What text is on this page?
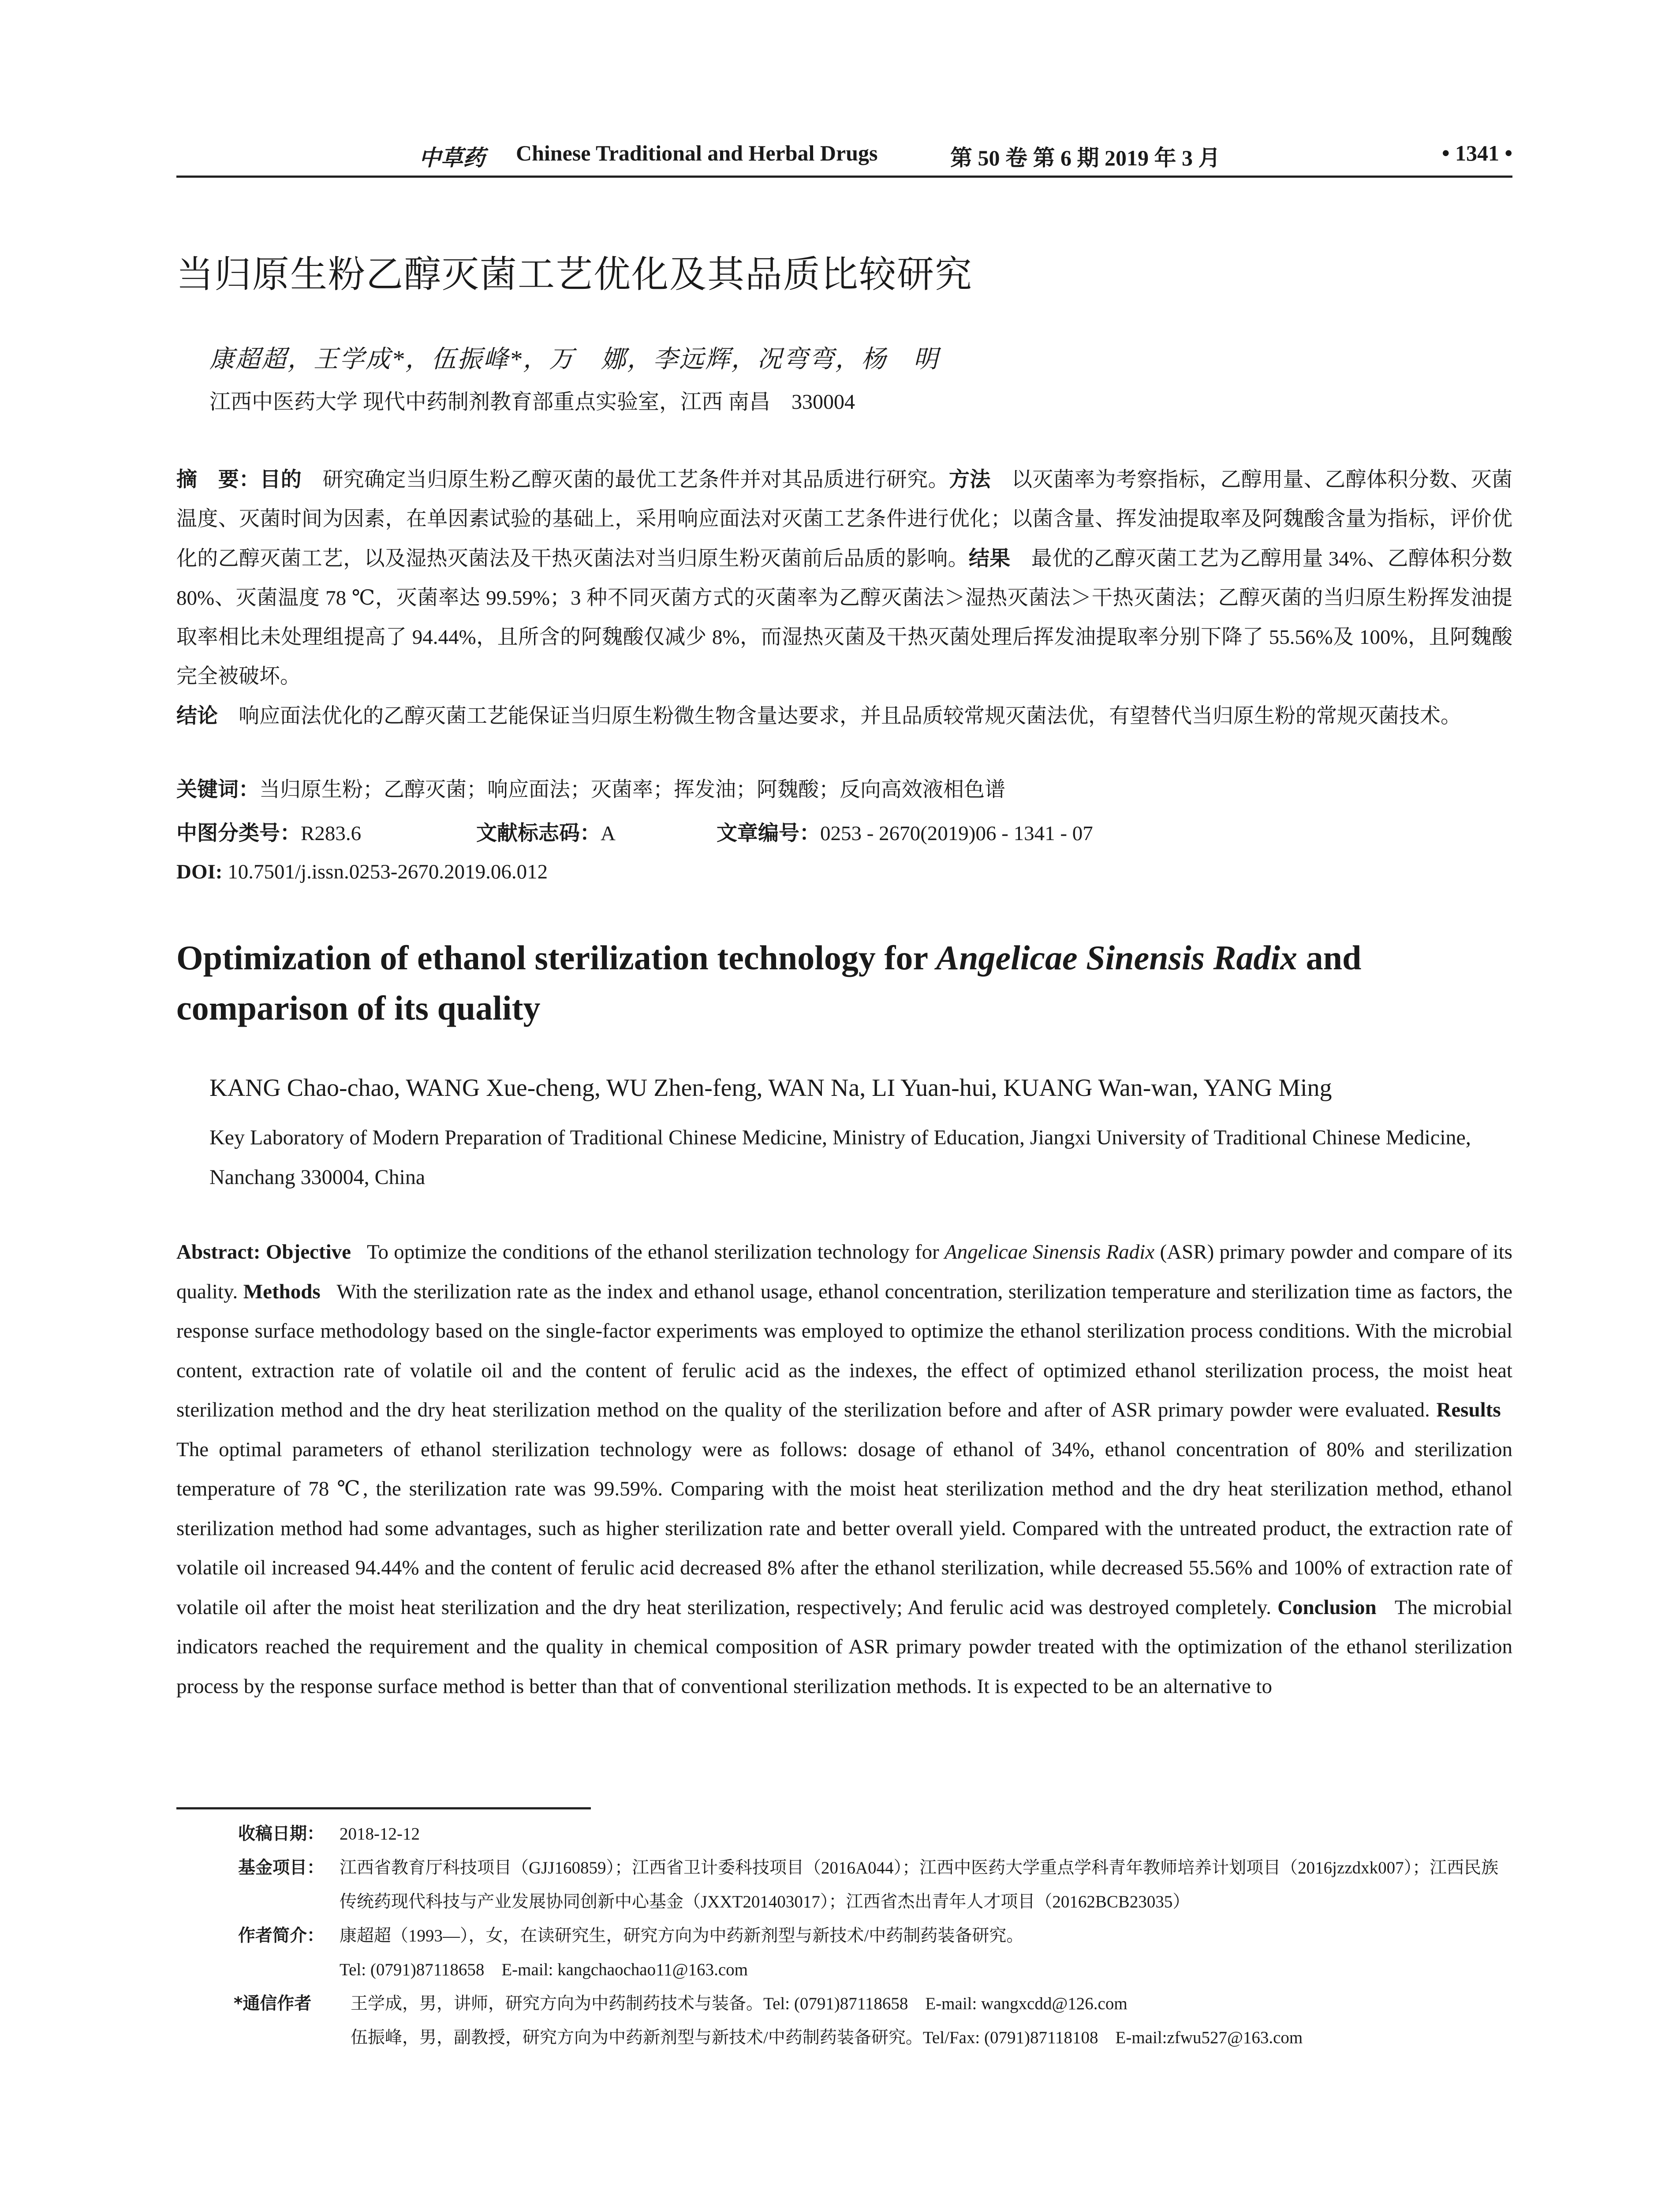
中草药 Chinese Traditional and Herbal Drugs	第 50 卷 第 6 期 2019 年 3 月	• 1341 •
当归原生粉乙醇灭菌工艺优化及其品质比较研究
康超超，王学成*，伍振峰*，万　娜，李远辉，况弯弯，杨　明
江西中医药大学 现代中药制剂教育部重点实验室，江西 南昌　330004
摘　要：目的　 研究确定当归原生粉乙醇灭菌的最优工艺条件并对其品质进行研究。方法　 以灭菌率为考察指标，乙醇用量、乙醇体积分数、灭菌温度、灭菌时间为因素，在单因素试验的基础上，采用响应面法对灭菌工艺条件进行优化；以菌含量、挥发油提取率及阿魏酸含量为指标，评价优化的乙醇灭菌工艺，以及湿热灭菌法及干热灭菌法对当归原生粉灭菌前后品质的影响。结果　 最优的乙醇灭菌工艺为乙醇用量 34%、乙醇体积分数 80%、灭菌温度 78 ℃，灭菌率达 99.59%；3 种不同灭菌方式的灭菌率为乙醇灭菌法＞湿热灭菌法＞干热灭菌法；乙醇灭菌的当归原生粉挥发油提取率相比未处理组提高了 94.44%，且所含的阿魏酸仅减少 8%，而湿热灭菌及干热灭菌处理后挥发油提取率分别下降了 55.56%及 100%，且阿魏酸完全被破坏。
结论　 响应面法优化的乙醇灭菌工艺能保证当归原生粉微生物含量达要求，并且品质较常规灭菌法优，有望替代当归原生粉的常规灭菌技术。
关键词：当归原生粉；乙醇灭菌；响应面法；灭菌率；挥发油；阿魏酸；反向高效液相色谱
中图分类号：R283.6	文献标志码：A	文章编号：0253 - 2670(2019)06 - 1341 - 07
DOI: 10.7501/j.issn.0253-2670.2019.06.012
Optimization of ethanol sterilization technology for Angelicae Sinensis Radix and comparison of its quality
KANG Chao-chao, WANG Xue-cheng, WU Zhen-feng, WAN Na, LI Yuan-hui, KUANG Wan-wan, YANG Ming
Key Laboratory of Modern Preparation of Traditional Chinese Medicine, Ministry of Education, Jiangxi University of Traditional Chinese Medicine, Nanchang 330004, China
Abstract: Objective To optimize the conditions of the ethanol sterilization technology for Angelicae Sinensis Radix (ASR) primary powder and compare of its quality. Methods With the sterilization rate as the index and ethanol usage, ethanol concentration, sterilization temperature and sterilization time as factors, the response surface methodology based on the single-factor experiments was employed to optimize the ethanol sterilization process conditions. With the microbial content, extraction rate of volatile oil and the content of ferulic acid as the indexes, the effect of optimized ethanol sterilization process, the moist heat sterilization method and the dry heat sterilization method on the quality of the sterilization before and after of ASR primary powder were evaluated. Results   The optimal parameters of ethanol sterilization technology were as follows: dosage of ethanol of 34%, ethanol concentration of 80% and sterilization temperature of 78 ℃, the sterilization rate was 99.59%. Comparing with the moist heat sterilization method and the dry heat sterilization method, ethanol sterilization method had some advantages, such as higher sterilization rate and better overall yield. Compared with the untreated product, the extraction rate of volatile oil increased 94.44% and the content of ferulic acid decreased 8% after the ethanol sterilization, while decreased 55.56% and 100% of extraction rate of volatile oil after the moist heat sterilization and the dry heat sterilization, respectively; And ferulic acid was destroyed completely. Conclusion The microbial indicators reached the requirement and the quality in chemical composition of ASR primary powder treated with the optimization of the ethanol sterilization process by the response surface method is better than that of conventional sterilization methods. It is expected to be an alternative to
收稿日期： 2018-12-12
基金项目： 江西省教育厅科技项目（GJJ160859）；江西省卫计委科技项目（2016A044）；江西中医药大学重点学科青年教师培养计划项目（2016jzzdxk007）；江西民族传统药现代科技与产业发展协同创新中心基金（JXXT201403017）；江西省杰出青年人才项目（20162BCB23035）
作者简介： 康超超（1993—），女，在读研究生，研究方向为中药新剂型与新技术/中药制药装备研究。
Tel: (0791)87118658　E-mail: kangchaochao11@163.com
*通信作者 王学成，男，讲师，研究方向为中药制药技术与装备。Tel: (0791)87118658　E-mail: wangxcdd@126.com
伍振峰，男，副教授，研究方向为中药新剂型与新技术/中药制药装备研究。Tel/Fax: (0791)87118108　E-mail:zfwu527@163.com
